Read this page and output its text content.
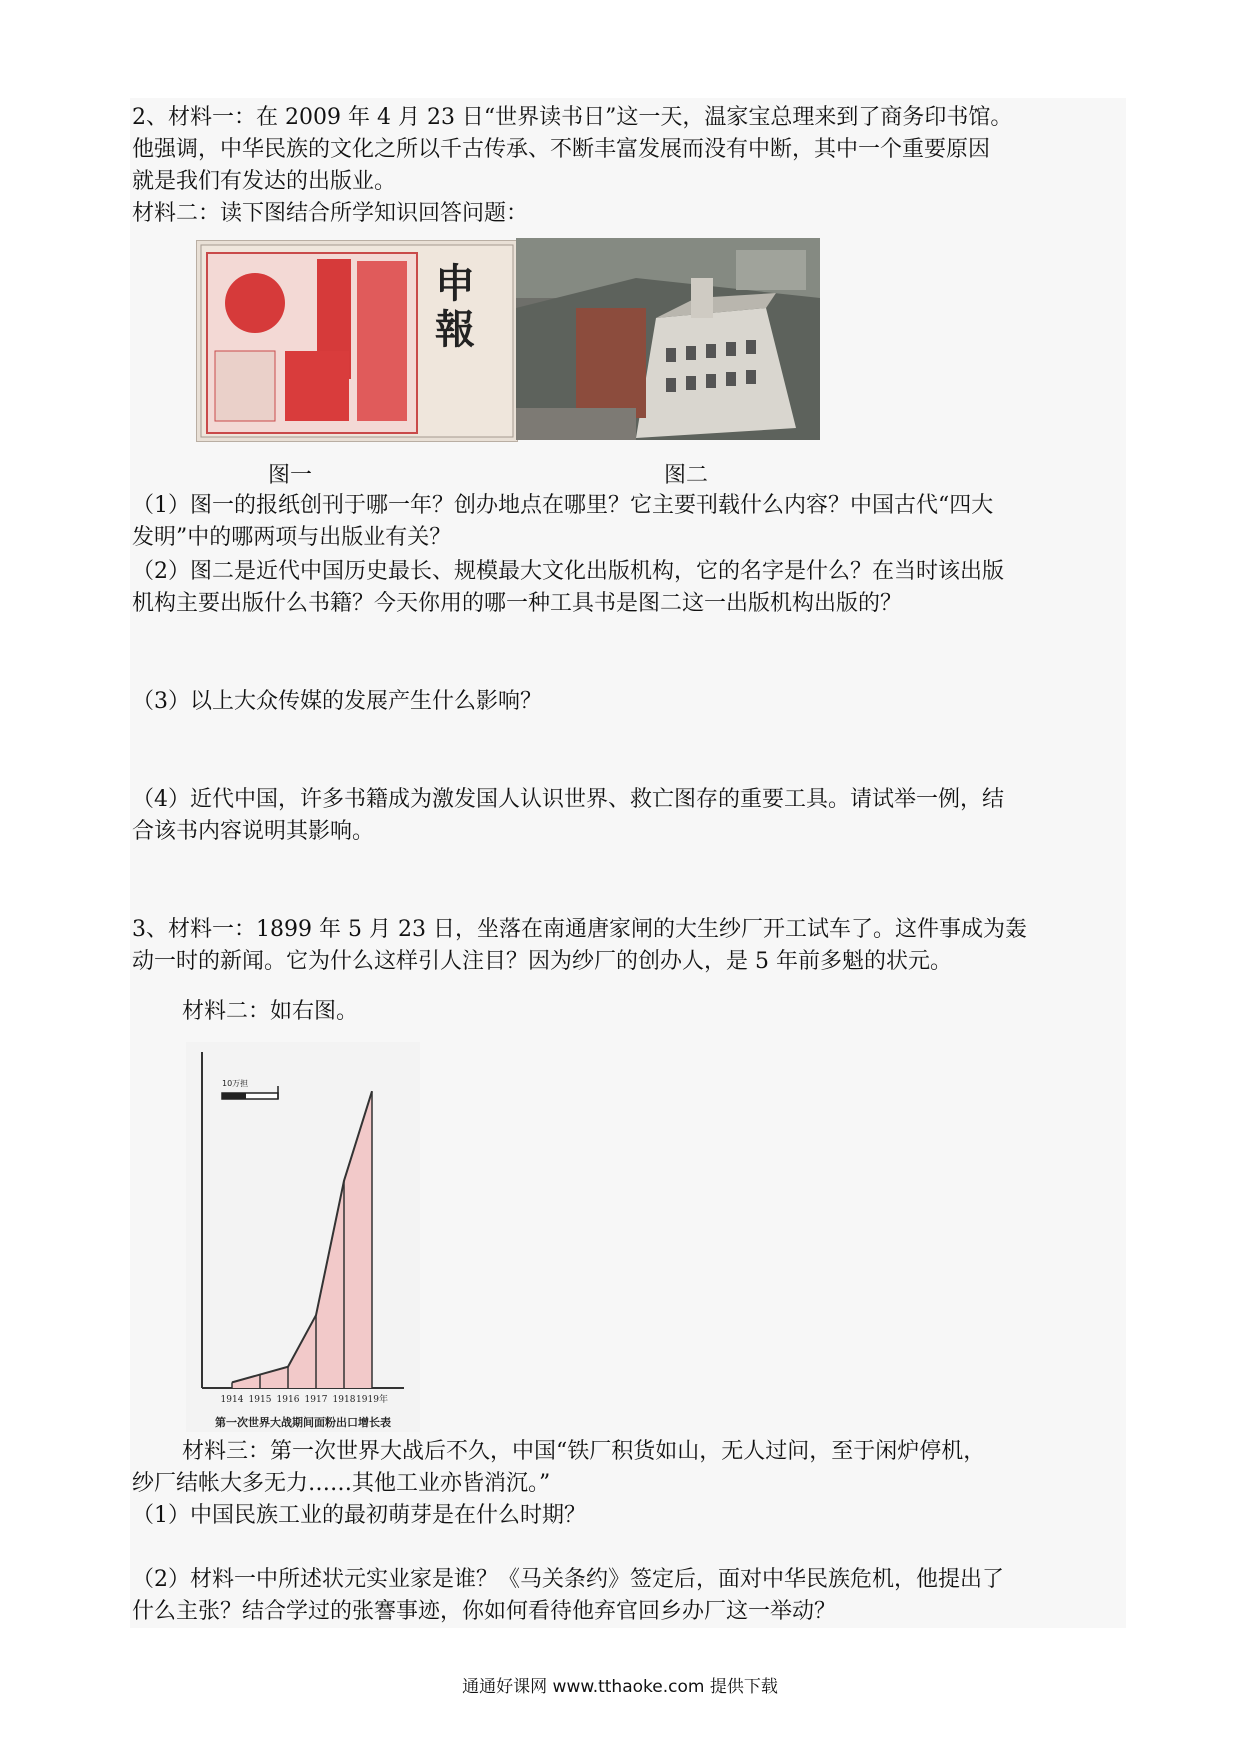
2、材料一：在 2009 年 4 月 23 日“世界读书日”这一天，温家宝总理来到了商务印书馆。

他强调，中华民族的文化之所以千古传承、不断丰富发展而没有中断，其中一个重要原因

就是我们有发达的出版业。

材料二：读下图结合所学知识回答问题：

申報
图一	图二

（1）图一的报纸创刊于哪一年？创办地点在哪里？它主要刊载什么内容？中国古代“四大

发明”中的哪两项与出版业有关？

（2）图二是近代中国历史最长、规模最大文化出版机构，它的名字是什么？在当时该出版

机构主要出版什么书籍？今天你用的哪一种工具书是图二这一出版机构出版的？

（3）以上大众传媒的发展产生什么影响？

（4）近代中国，许多书籍成为激发国人认识世界、救亡图存的重要工具。请试举一例，结

合该书内容说明其影响。

3、材料一：1899 年 5 月 23 日，坐落在南通唐家闸的大生纱厂开工试车了。这件事成为轰

动一时的新闻。它为什么这样引人注目？因为纱厂的创办人，是 5 年前多魁的状元。

材料二：如右图。

10万担
1914 1915 1916 1917 1918 1919年
第一次世界大战期间面粉出口增长表

材料三：第一次世界大战后不久，中国“铁厂积货如山，无人过问，至于闲炉停机，

纱厂结帐大多无力……其他工业亦皆消沉。”

（1）中国民族工业的最初萌芽是在什么时期？

（2）材料一中所述状元实业家是谁？《马关条约》签定后，面对中华民族危机，他提出了

什么主张？结合学过的张謇事迹，你如何看待他弃官回乡办厂这一举动？

通通好课网 www.tthaoke.com 提供下载
